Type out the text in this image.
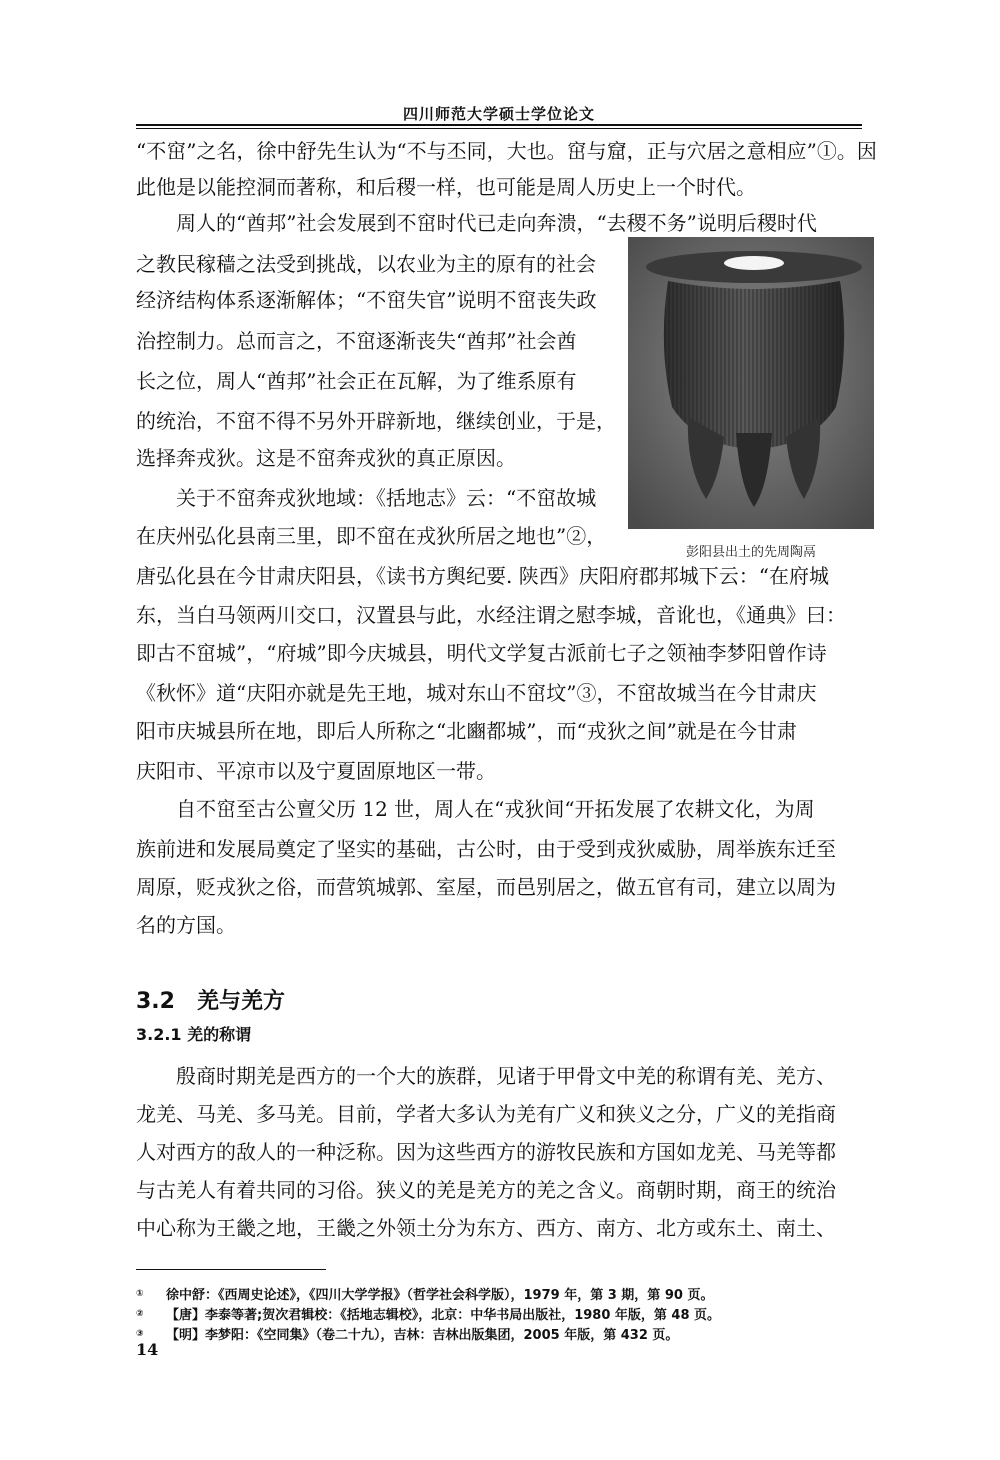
四川师范大学硕士学位论文
“不窋”之名，徐中舒先生认为“不与丕同，大也。窋与窟，正与穴居之意相应”①。因
此他是以能控洞而著称，和后稷一样，也可能是周人历史上一个时代。
周人的“酋邦”社会发展到不窋时代已走向奔溃，“去稷不务”说明后稷时代
之教民稼穑之法受到挑战，以农业为主的原有的社会
经济结构体系逐渐解体；“不窋失官”说明不窋丧失政
治控制力。总而言之，不窋逐渐丧失“酋邦”社会酋
长之位，周人“酋邦”社会正在瓦解，为了维系原有
的统治，不窋不得不另外开辟新地，继续创业，于是，
选择奔戎狄。这是不窋奔戎狄的真正原因。
关于不窋奔戎狄地域：《括地志》云：“不窋故城
在庆州弘化县南三里，即不窋在戎狄所居之地也”②，
唐弘化县在今甘肃庆阳县，《读书方舆纪要. 陕西》庆阳府郡邦城下云：“在府城
东，当白马领两川交口，汉置县与此，水经注谓之慰李城，音讹也，《通典》曰：
即古不窋城”，“府城”即今庆城县，明代文学复古派前七子之领袖李梦阳曾作诗
《秋怀》道“庆阳亦就是先王地，城对东山不窋坟”③，不窋故城当在今甘肃庆
阳市庆城县所在地，即后人所称之“北豳都城”，而“戎狄之间”就是在今甘肃
庆阳市、平凉市以及宁夏固原地区一带。
自不窋至古公亶父历 12 世，周人在“戎狄间“开拓发展了农耕文化，为周
族前进和发展局奠定了坚实的基础，古公时，由于受到戎狄威胁，周举族东迁至
周原，贬戎狄之俗，而营筑城郭、室屋，而邑别居之，做五官有司，建立以周为
名的方国。
彭阳县出土的先周陶鬲
3.2 羌与羌方
3.2.1 羌的称谓
殷商时期羌是西方的一个大的族群，见诸于甲骨文中羌的称谓有羌、羌方、
龙羌、马羌、多马羌。目前，学者大多认为羌有广义和狭义之分，广义的羌指商
人对西方的敌人的一种泛称。因为这些西方的游牧民族和方国如龙羌、马羌等都
与古羌人有着共同的习俗。狭义的羌是羌方的羌之含义。商朝时期，商王的统治
中心称为王畿之地，王畿之外领土分为东方、西方、南方、北方或东土、南土、
① 徐中舒：《西周史论述》，《四川大学学报》（哲学社会科学版），1979 年，第 3 期，第 90 页。
② 【唐】李泰等著;贺次君辑校：《括地志辑校》，北京：中华书局出版社，1980 年版，第 48 页。
③ 【明】李梦阳：《空同集》（卷二十九），吉林：吉林出版集团，2005 年版，第 432 页。
14
